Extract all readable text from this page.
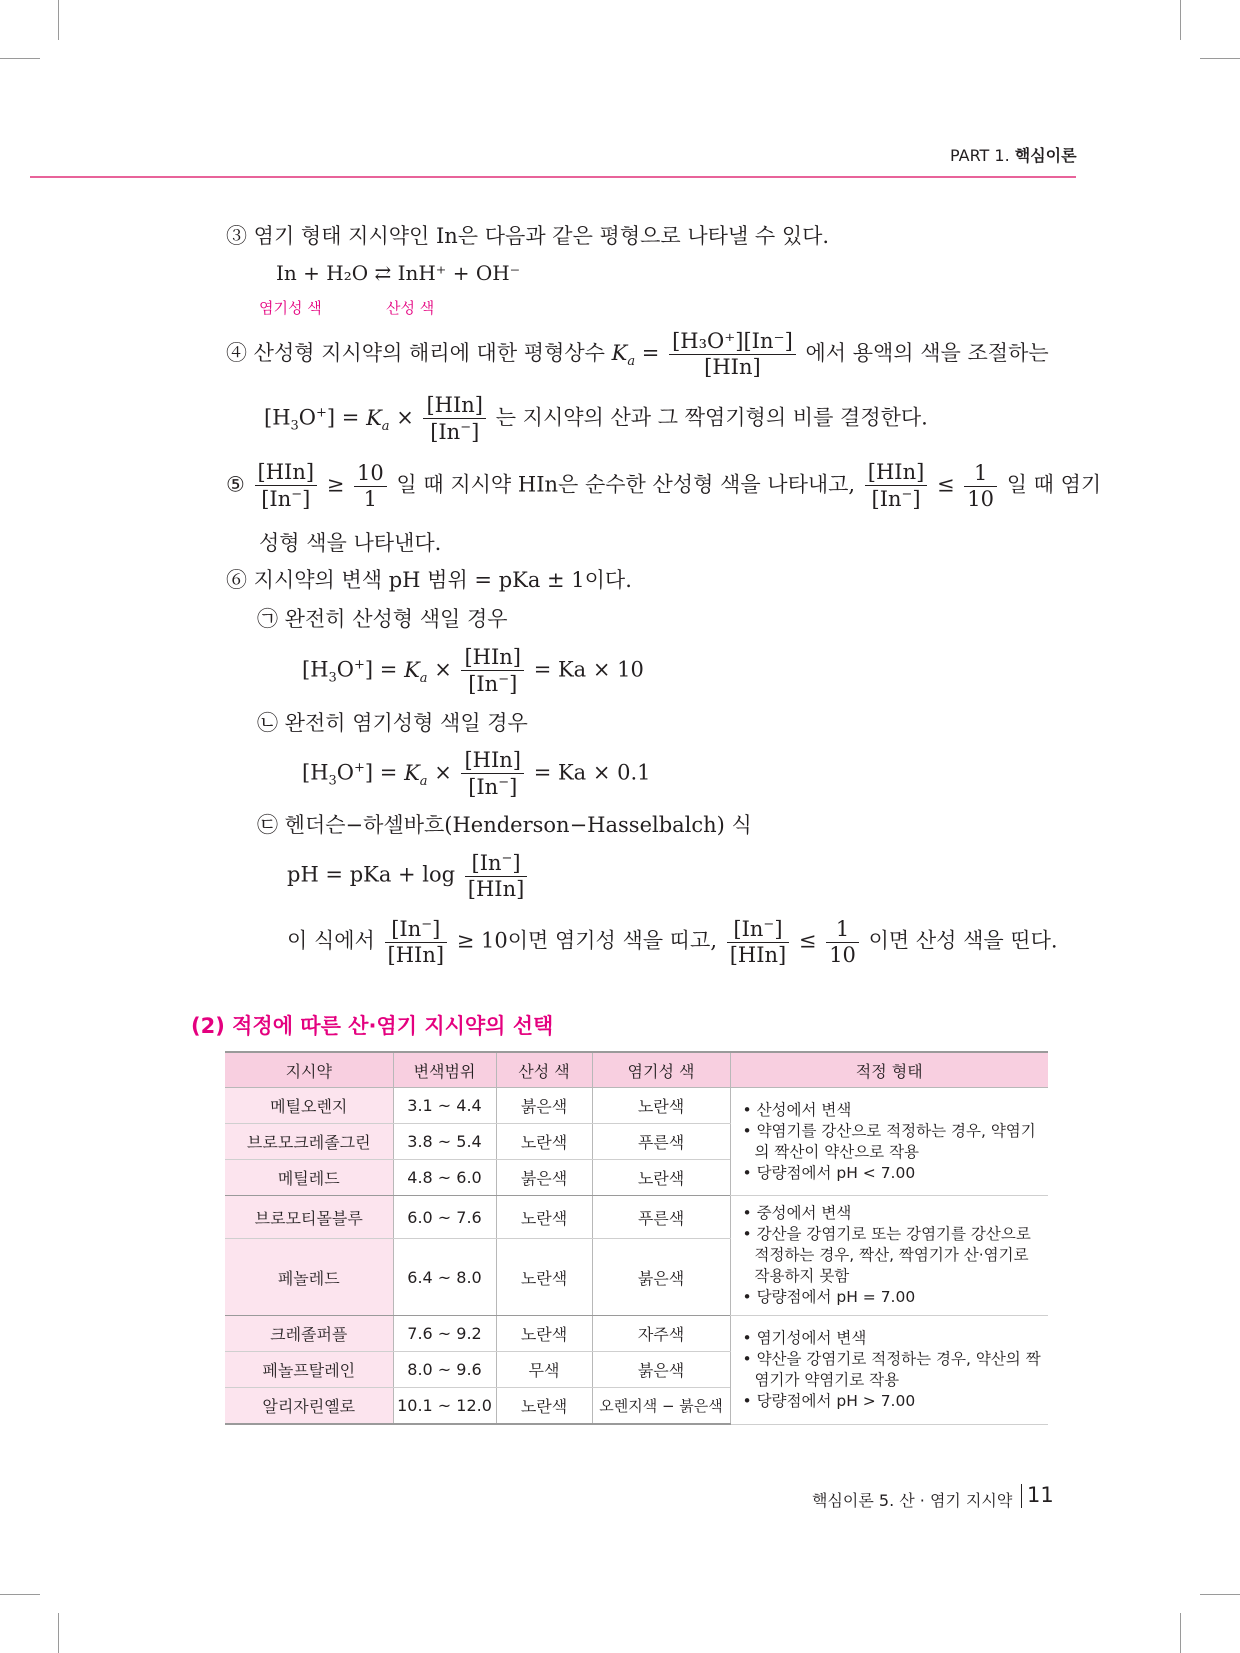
PART 1. 핵심이론
③ 염기 형태 지시약인 In은 다음과 같은 평형으로 나타낼 수 있다.
In + H₂O ⇄ InH⁺ + OH⁻
염기성 색	산성 색
④ 산성형 지시약의 해리에 대한 평형상수 $K_a = \frac{\text{[H₃O⁺][In⁻]}}{\text{[HIn]}}$ 에서 용액의 색을 조절하는
$[H_3O^+] = K_a \times \frac{\text{[HIn]}}{[In^-]}$ 는 지시약의 산과 그 짝염기형의 비를 결정한다.
⑤ $\frac{\text{[HIn]}}{[In^-]} \ge \frac{10}{1}$ 일 때 지시약 HIn은 순수한 산성형 색을 나타내고, $\frac{\text{[HIn]}}{[In^-]} \le \frac{1}{10}$ 일 때 염기
성형 색을 나타낸다.
⑥ 지시약의 변색 pH 범위 = pKa ± 1이다.
㉠ 완전히 산성형 색일 경우
$[H_3O^+] = K_a \times \frac{\text{[HIn]}}{[In^-]} = Ka \times 10$
㉡ 완전히 염기성형 색일 경우
$[H_3O^+] = K_a \times \frac{\text{[HIn]}}{[In^-]} = Ka \times 0.1$
㉢ 헨더슨−하셀바흐(Henderson−Hasselbalch) 식
pH = pKa + $\log \frac{[In^-]}{\text{[HIn]}}$
이 식에서 $\frac{[In^-]}{\text{[HIn]}} \ge 10$이면 염기성 색을 띠고, $\frac{[In^-]}{\text{[HIn]}} \le \frac{1}{10}$ 이면 산성 색을 띤다.
(2) 적정에 따른 산·염기 지시약의 선택
지시약	변색범위	산성 색	염기성 색	적정 형태
메틸오렌지	3.1 ~ 4.4	붉은색	노란색	• 산성에서 변색
• 약염기를 강산으로 적정하는 경우, 약염기의 짝산이 약산으로 작용
• 당량점에서 pH < 7.00

브로모크레졸그린	3.8 ~ 5.4	노란색	푸른색	
메틸레드	4.8 ~ 6.0	붉은색	노란색	
브로모티몰블루	6.0 ~ 7.6	노란색	푸른색	• 중성에서 변색
• 강산을 강염기로 또는 강염기를 강산으로 적정하는 경우, 짝산, 짝염기가 산·염기로 작용하지 못함
• 당량점에서 pH = 7.00

페놀레드	6.4 ~ 8.0	노란색	붉은색	
크레졸퍼플	7.6 ~ 9.2	노란색	자주색	• 염기성에서 변색
• 약산을 강염기로 적정하는 경우, 약산의 짝염기가 약염기로 작용
• 당량점에서 pH > 7.00

페놀프탈레인	8.0 ~ 9.6	무색	붉은색	
알리자린옐로	10.1 ~ 12.0	노란색	오렌지색 − 붉은색	
핵심이론 5. 산 · 염기 지시약 11
